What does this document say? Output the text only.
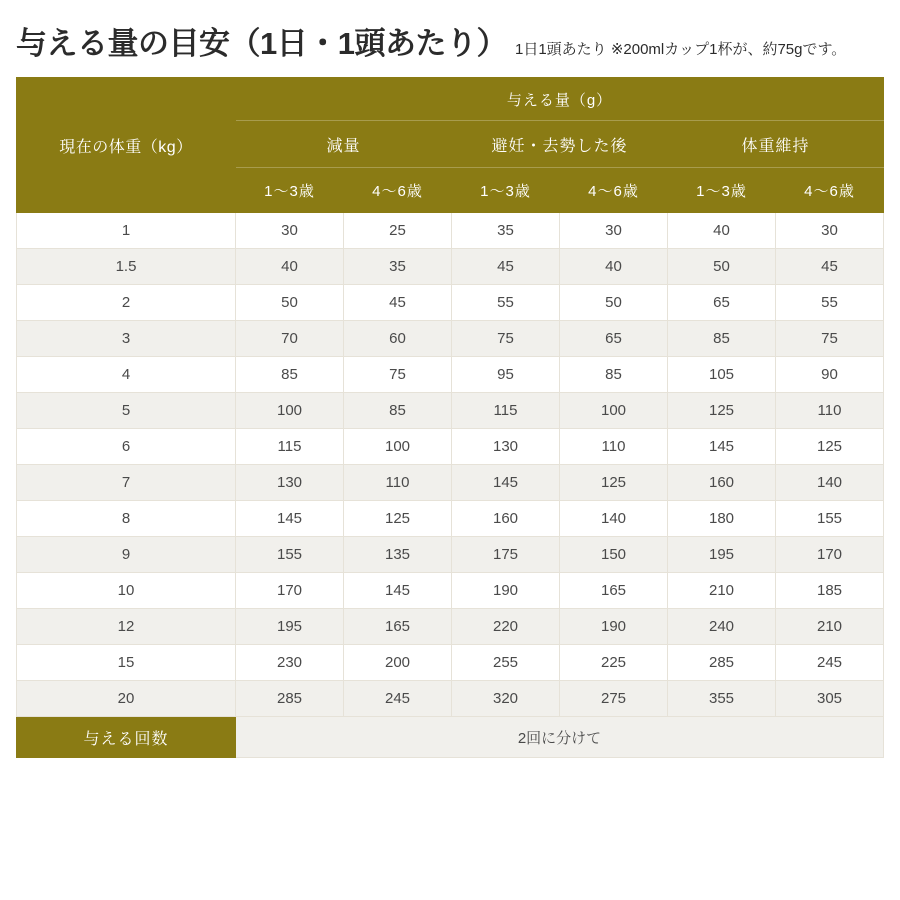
与える量の目安（1日・1頭あたり） 1日1頭あたり ※200mlカップ1杯が、約75gです。
現在の体重（kg）	与える量（g）					
	減量		避妊・去勢した後		体重維持	
	1〜3歳	4〜6歳	1〜3歳	4〜6歳	1〜3歳	4〜6歳
1	30	25	35	30	40	30
1.5	40	35	45	40	50	45
2	50	45	55	50	65	55
3	70	60	75	65	85	75
4	85	75	95	85	105	90
5	100	85	115	100	125	110
6	115	100	130	110	145	125
7	130	110	145	125	160	140
8	145	125	160	140	180	155
9	155	135	175	150	195	170
10	170	145	190	165	210	185
12	195	165	220	190	240	210
15	230	200	255	225	285	245
20	285	245	320	275	355	305
与える回数	2回に分けて					
